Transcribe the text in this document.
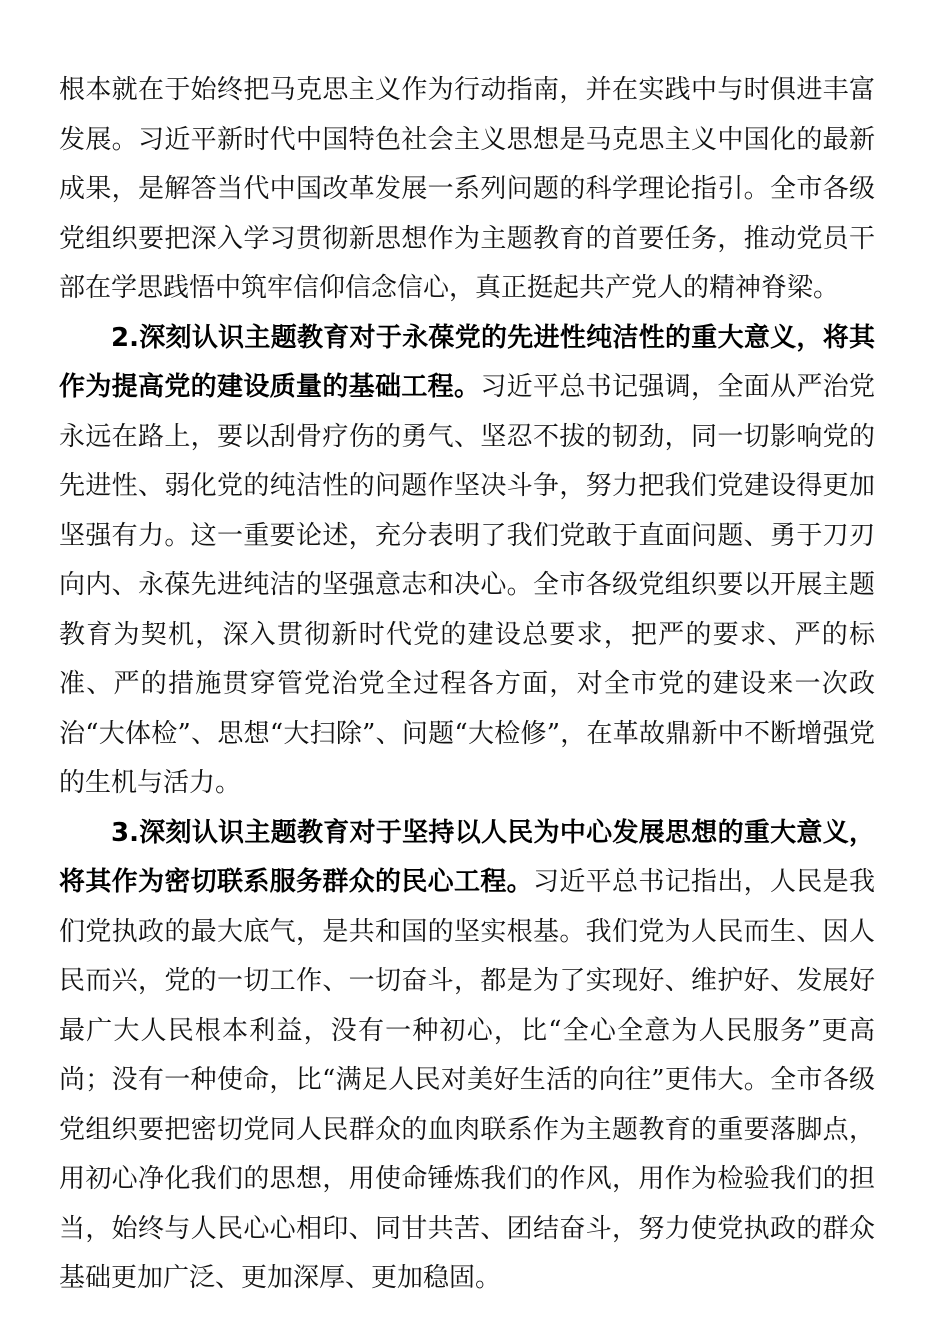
根本就在于始终把马克思主义作为行动指南，并在实践中与时俱进丰富发展。习近平新时代中国特色社会主义思想是马克思主义中国化的最新成果，是解答当代中国改革发展一系列问题的科学理论指引。全市各级党组织要把深入学习贯彻新思想作为主题教育的首要任务，推动党员干部在学思践悟中筑牢信仰信念信心，真正挺起共产党人的精神脊梁。

2.深刻认识主题教育对于永葆党的先进性纯洁性的重大意义，将其作为提高党的建设质量的基础工程。习近平总书记强调，全面从严治党永远在路上，要以刮骨疗伤的勇气、坚忍不拔的韧劲，同一切影响党的先进性、弱化党的纯洁性的问题作坚决斗争，努力把我们党建设得更加坚强有力。这一重要论述，充分表明了我们党敢于直面问题、勇于刀刃向内、永葆先进纯洁的坚强意志和决心。全市各级党组织要以开展主题教育为契机，深入贯彻新时代党的建设总要求，把严的要求、严的标准、严的措施贯穿管党治党全过程各方面，对全市党的建设来一次政治“大体检”、思想“大扫除”、问题“大检修”，在革故鼎新中不断增强党的生机与活力。

3.深刻认识主题教育对于坚持以人民为中心发展思想的重大意义，将其作为密切联系服务群众的民心工程。习近平总书记指出，人民是我们党执政的最大底气，是共和国的坚实根基。我们党为人民而生、因人民而兴，党的一切工作、一切奋斗，都是为了实现好、维护好、发展好最广大人民根本利益，没有一种初心，比“全心全意为人民服务”更高尚；没有一种使命，比“满足人民对美好生活的向往”更伟大。全市各级党组织要把密切党同人民群众的血肉联系作为主题教育的重要落脚点，用初心净化我们的思想，用使命锤炼我们的作风，用作为检验我们的担当，始终与人民心心相印、同甘共苦、团结奋斗，努力使党执政的群众基础更加广泛、更加深厚、更加稳固。
